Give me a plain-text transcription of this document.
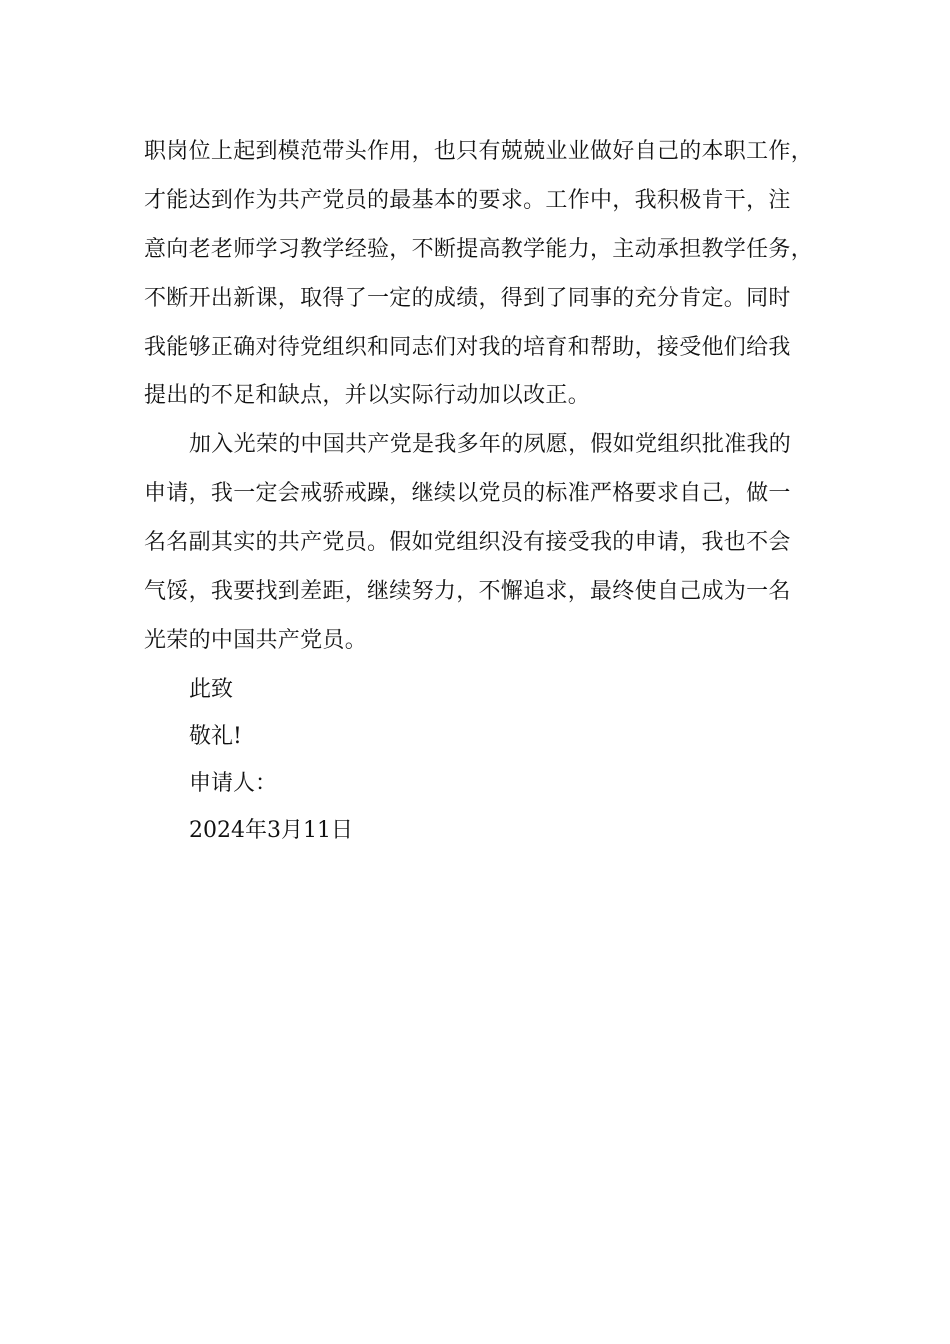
职岗位上起到模范带头作用，也只有兢兢业业做好自己的本职工作，
才能达到作为共产党员的最基本的要求。工作中，我积极肯干，注
意向老老师学习教学经验，不断提高教学能力，主动承担教学任务，
不断开出新课，取得了一定的成绩，得到了同事的充分肯定。同时
我能够正确对待党组织和同志们对我的培育和帮助，接受他们给我
提出的不足和缺点，并以实际行动加以改正。
加入光荣的中国共产党是我多年的夙愿，假如党组织批准我的
申请，我一定会戒骄戒躁，继续以党员的标准严格要求自己，做一
名名副其实的共产党员。假如党组织没有接受我的申请，我也不会
气馁，我要找到差距，继续努力，不懈追求，最终使自己成为一名
光荣的中国共产党员。
此致
敬礼!
申请人：
2024年3月11日
